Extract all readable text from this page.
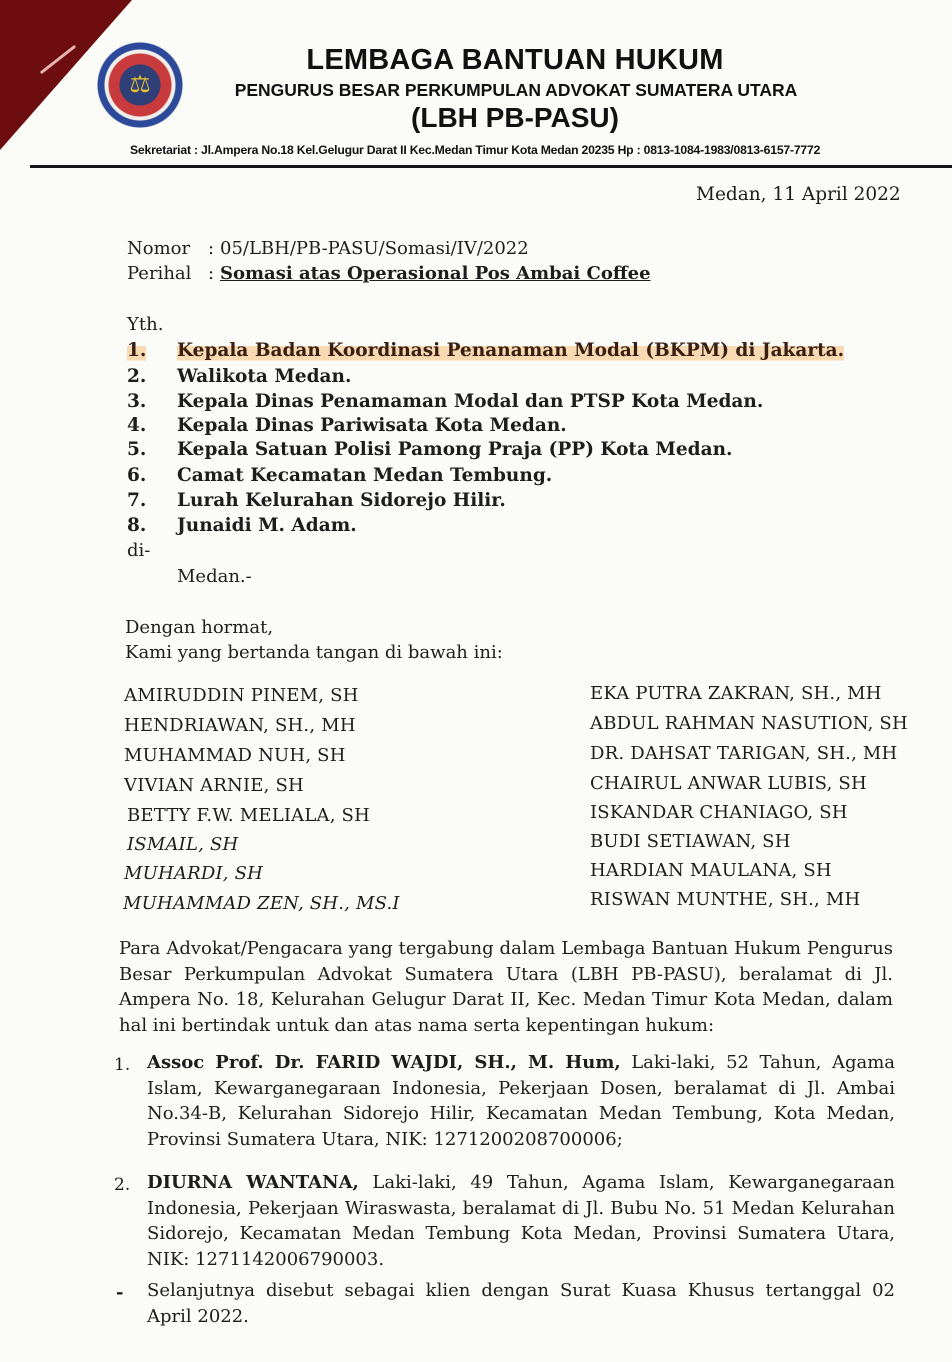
⚖
LEMBAGA BANTUAN HUKUM
PENGURUS BESAR PERKUMPULAN ADVOKAT SUMATERA UTARA
(LBH PB-PASU)
Sekretariat : Jl.Ampera No.18 Kel.Gelugur Darat II Kec.Medan Timur Kota Medan 20235 Hp : 0813-1084-1983/0813-6157-7772
Medan, 11 April 2022
Nomor : 05/LBH/PB-PASU/Somasi/IV/2022
Perihal : Somasi atas Operasional Pos Ambai Coffee
Yth.
1. Kepala Badan Koordinasi Penanaman Modal (BKPM) di Jakarta.
2. Walikota Medan.
3. Kepala Dinas Penamaman Modal dan PTSP Kota Medan.
4. Kepala Dinas Pariwisata Kota Medan.
5. Kepala Satuan Polisi Pamong Praja (PP) Kota Medan.
6. Camat Kecamatan Medan Tembung.
7. Lurah Kelurahan Sidorejo Hilir.
8. Junaidi M. Adam.
di-
Medan.-
Dengan hormat,
Kami yang bertanda tangan di bawah ini:
AMIRUDDIN PINEM, SH
HENDRIAWAN, SH., MH
MUHAMMAD NUH, SH
VIVIAN ARNIE, SH
BETTY F.W. MELIALA, SH
ISMAIL, SH
MUHARDI, SH
MUHAMMAD ZEN, SH., MS.I
EKA PUTRA ZAKRAN, SH., MH
ABDUL RAHMAN NASUTION, SH
DR. DAHSAT TARIGAN, SH., MH
CHAIRUL ANWAR LUBIS, SH
ISKANDAR CHANIAGO, SH
BUDI SETIAWAN, SH
HARDIAN MAULANA, SH
RISWAN MUNTHE, SH., MH
Para Advokat/Pengacara yang tergabung dalam Lembaga Bantuan Hukum Pengurus Besar Perkumpulan Advokat Sumatera Utara (LBH PB-PASU), beralamat di Jl. Ampera No. 18, Kelurahan Gelugur Darat II, Kec. Medan Timur Kota Medan, dalam hal ini bertindak untuk dan atas nama serta kepentingan hukum:
1. Assoc Prof. Dr. FARID WAJDI, SH., M. Hum, Laki-laki, 52 Tahun, Agama Islam, Kewarganegaraan Indonesia, Pekerjaan Dosen, beralamat di Jl. Ambai No.34-B, Kelurahan Sidorejo Hilir, Kecamatan Medan Tembung, Kota Medan, Provinsi Sumatera Utara, NIK: 1271200208700006;
2. DIURNA WANTANA, Laki-laki, 49 Tahun, Agama Islam, Kewarganegaraan Indonesia, Pekerjaan Wiraswasta, beralamat di Jl. Bubu No. 51 Medan Kelurahan Sidorejo, Kecamatan Medan Tembung Kota Medan, Provinsi Sumatera Utara, NIK: 1271142006790003.
- Selanjutnya disebut sebagai klien dengan Surat Kuasa Khusus tertanggal 02 April 2022.
